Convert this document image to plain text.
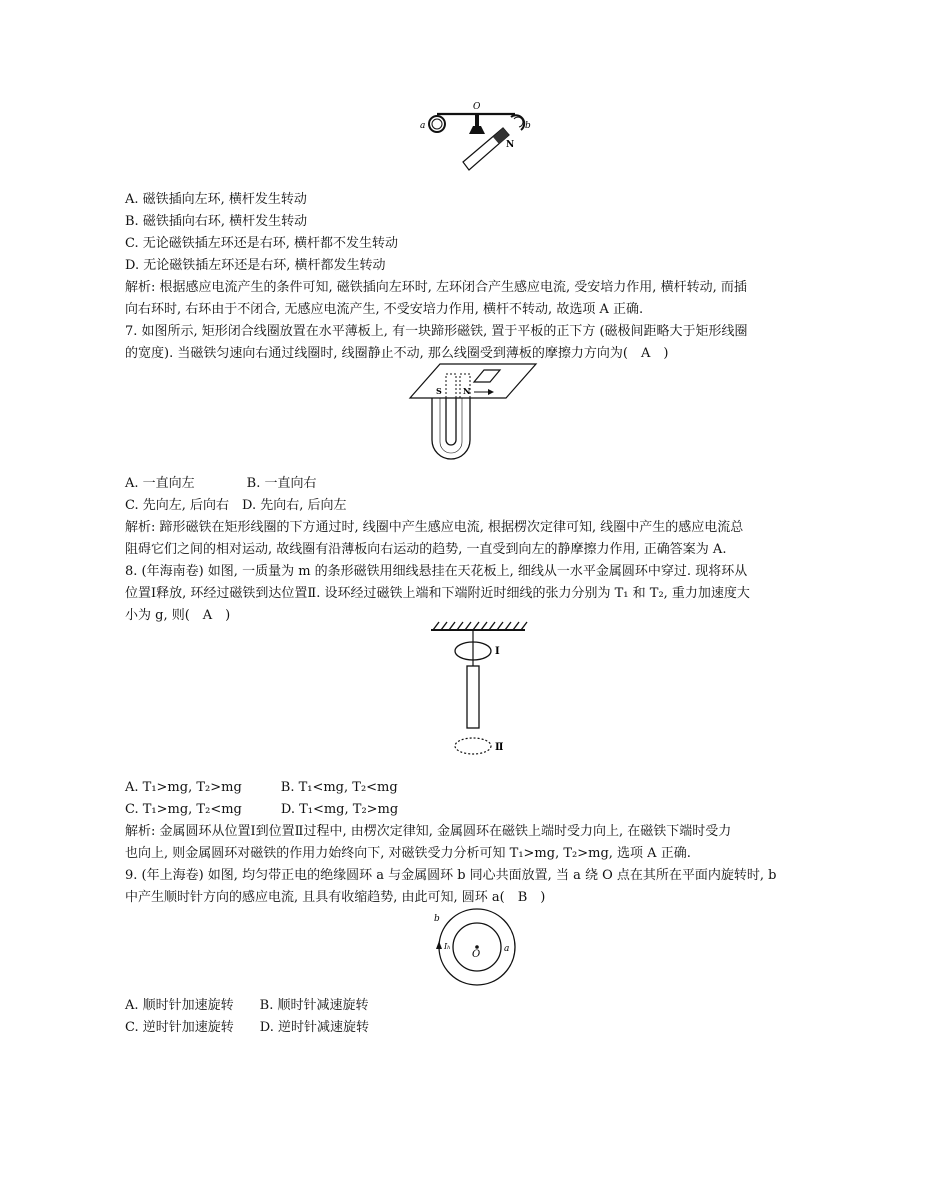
O
a	b
N
A. 磁铁插向左环, 横杆发生转动
B. 磁铁插向右环, 横杆发生转动
C. 无论磁铁插左环还是右环, 横杆都不发生转动
D. 无论磁铁插左环还是右环, 横杆都发生转动
解析: 根据感应电流产生的条件可知, 磁铁插向左环时, 左环闭合产生感应电流, 受安培力作用, 横杆转动, 而插
向右环时, 右环由于不闭合, 无感应电流产生, 不受安培力作用, 横杆不转动, 故选项 A 正确.
7. 如图所示, 矩形闭合线圈放置在水平薄板上, 有一块蹄形磁铁, 置于平板的正下方 (磁极间距略大于矩形线圈
的宽度). 当磁铁匀速向右通过线圈时, 线圈静止不动, 那么线圈受到薄板的摩擦力方向为(　A　)
S	N
A. 一直向左　　　　B. 一直向右
C. 先向左, 后向右　D. 先向右, 后向左
解析: 蹄形磁铁在矩形线圈的下方通过时, 线圈中产生感应电流, 根据楞次定律可知, 线圈中产生的感应电流总
阻碍它们之间的相对运动, 故线圈有沿薄板向右运动的趋势, 一直受到向左的静摩擦力作用, 正确答案为 A.
8. (年海南卷) 如图, 一质量为 m 的条形磁铁用细线悬挂在天花板上, 细线从一水平金属圆环中穿过. 现将环从
位置Ⅰ释放, 环经过磁铁到达位置Ⅱ. 设环经过磁铁上端和下端附近时细线的张力分别为 T₁ 和 T₂, 重力加速度大
小为 g, 则(　A　)
Ⅰ
Ⅱ
A. T₁>mg, T₂>mg　　　B. T₁<mg, T₂<mg
C. T₁>mg, T₂<mg　　　D. T₁<mg, T₂>mg
解析: 金属圆环从位置Ⅰ到位置Ⅱ过程中, 由楞次定律知, 金属圆环在磁铁上端时受力向上, 在磁铁下端时受力
也向上, 则金属圆环对磁铁的作用力始终向下, 对磁铁受力分析可知 T₁>mg, T₂>mg, 选项 A 正确.
9. (年上海卷) 如图, 均匀带正电的绝缘圆环 a 与金属圆环 b 同心共面放置, 当 a 绕 O 点在其所在平面内旋转时, b
中产生顺时针方向的感应电流, 且具有收缩趋势, 由此可知, 圆环 a(　B　)
b
a
O
Iₕ
A. 顺时针加速旋转　　B. 顺时针减速旋转
C. 逆时针加速旋转　　D. 逆时针减速旋转
